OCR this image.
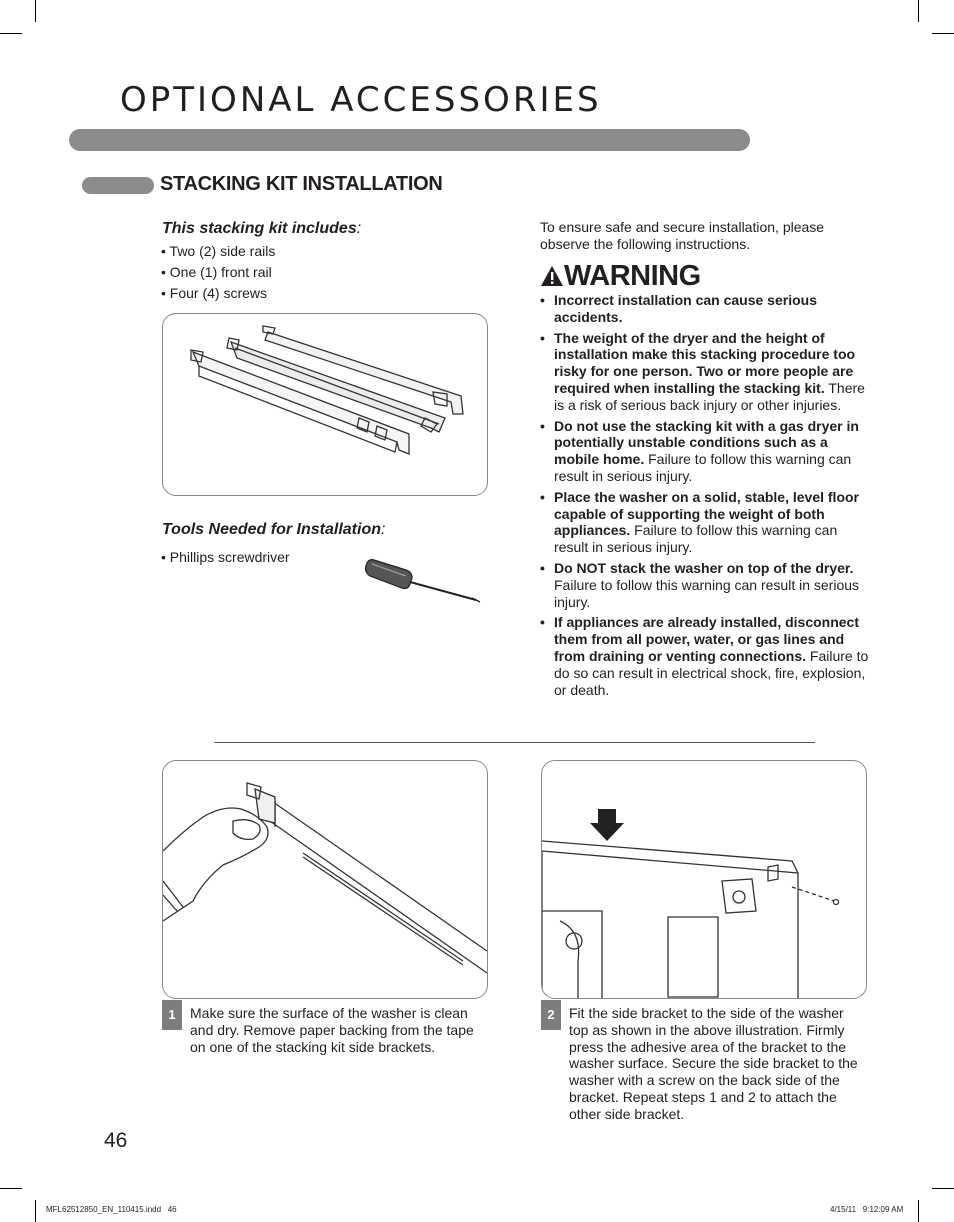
OPTIONAL ACCESSORIES
STACKING KIT INSTALLATION
This stacking kit includes:
• Two (2) side rails
• One (1) front rail
• Four (4) screws
Tools Needed for Installation:
• Phillips screwdriver
To ensure safe and secure installation, please observe the following instructions.
WARNING
• Incorrect installation can cause serious accidents.
• The weight of the dryer and the height of installation make this stacking procedure too risky for one person. Two or more people are required when installing the stacking kit. There is a risk of serious back injury or other injuries.
• Do not use the stacking kit with a gas dryer in potentially unstable conditions such as a mobile home. Failure to follow this warning can result in serious injury.
• Place the washer on a solid, stable, level floor capable of supporting the weight of both appliances. Failure to follow this warning can result in serious injury.
• Do NOT stack the washer on top of the dryer. Failure to follow this warning can result in serious injury.
• If appliances are already installed, disconnect them from all power, water, or gas lines and from draining or venting connections. Failure to do so can result in electrical shock, fire, explosion, or death.
1	Make sure the surface of the washer is clean and dry. Remove paper backing from the tape on one of the stacking kit side brackets.
2	Fit the side bracket to the side of the washer top as shown in the above illustration. Firmly press the adhesive area of the bracket to the washer surface. Secure the side bracket to the washer with a screw on the back side of the bracket. Repeat steps 1 and 2 to attach the other side bracket.
46
MFL62512850_EN_110415.indd   46	4/15/11   9:12:09 AM
